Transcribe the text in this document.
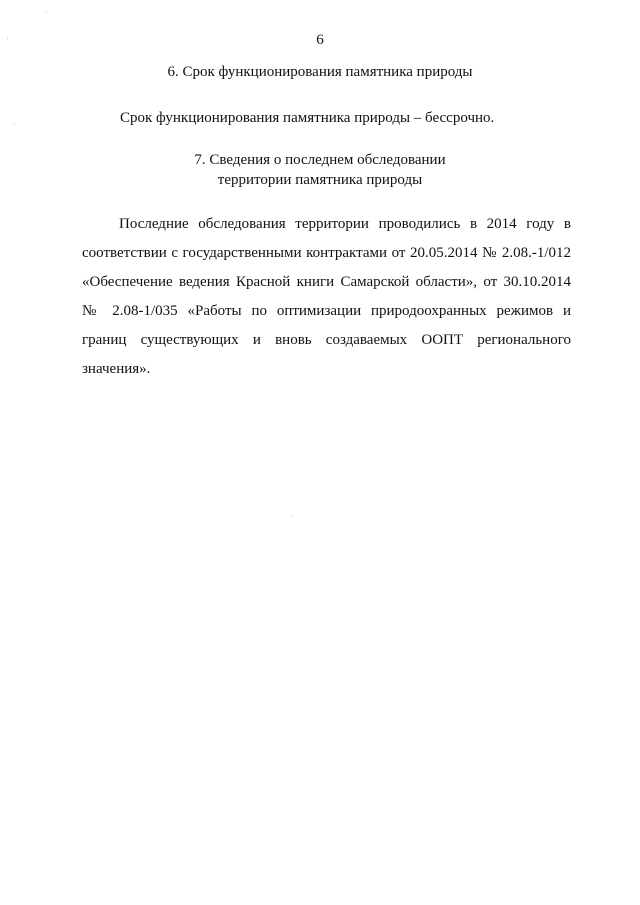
6
6. Срок функционирования памятника природы
Срок функционирования памятника природы – бессрочно.
7. Сведения о последнем обследовании
территории памятника природы
Последние обследования территории проводились в 2014 году в
соответствии с государственными контрактами от 20.05.2014 № 2.08.-1/012
«Обеспечение ведения Красной книги Самарской области», от 30.10.2014
№ 2.08-1/035 «Работы по оптимизации природоохранных режимов и
границ существующих и вновь создаваемых ООПТ регионального
значения».
